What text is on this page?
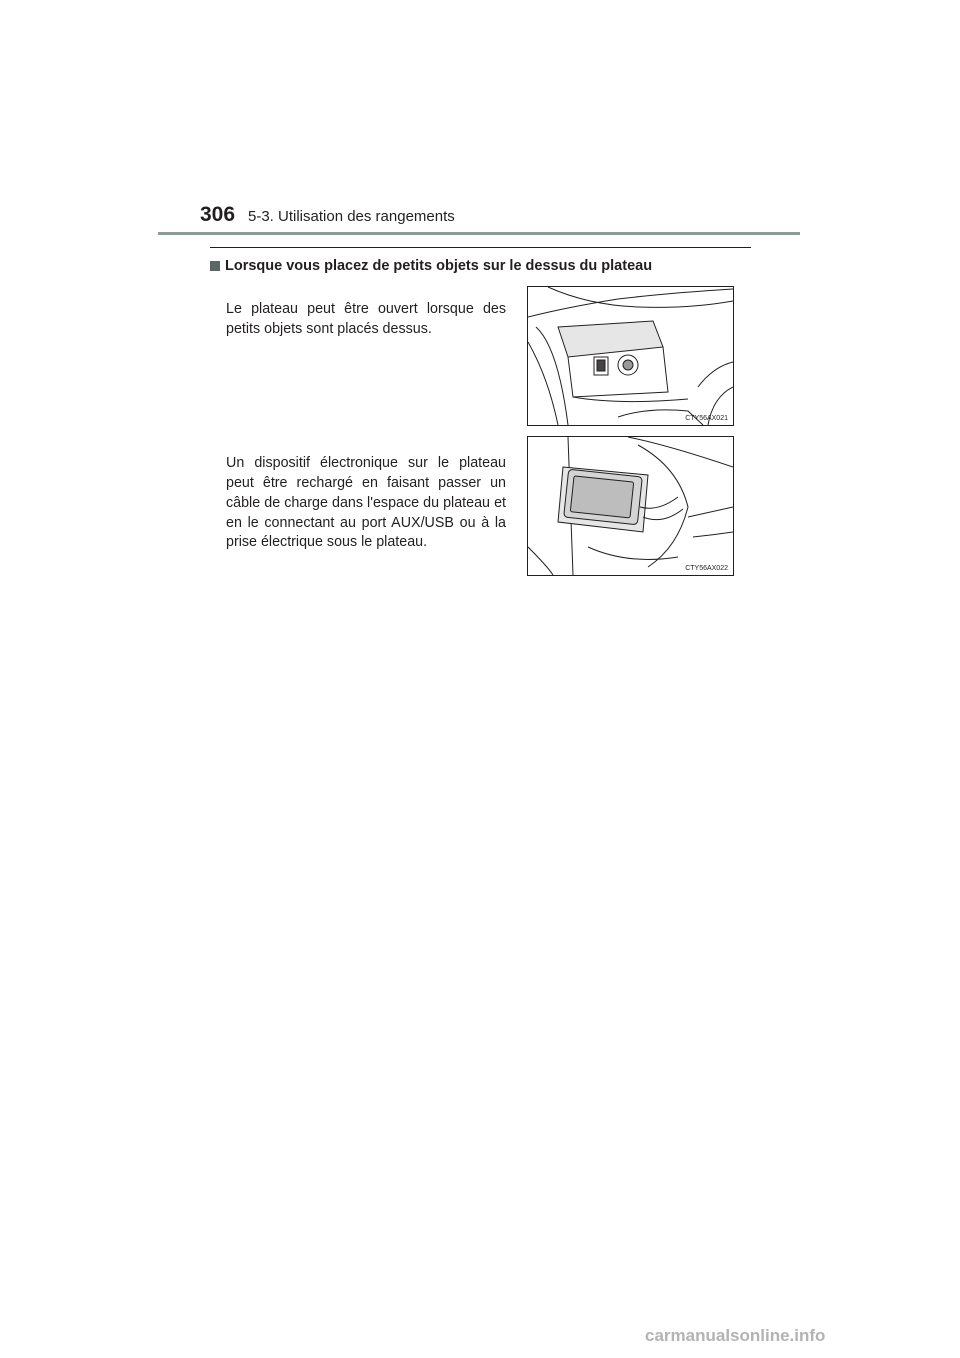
306 5-3. Utilisation des rangements
Lorsque vous placez de petits objets sur le dessus du plateau

Le plateau peut être ouvert lorsque des petits objets sont placés dessus.

Un dispositif électronique sur le plateau peut être rechargé en faisant passer un câble de charge dans l'espace du plateau et en le connectant au port AUX/USB ou à la prise électrique sous le plateau.

CTY56AX021
CTY56AX022
carmanualsonline.info
